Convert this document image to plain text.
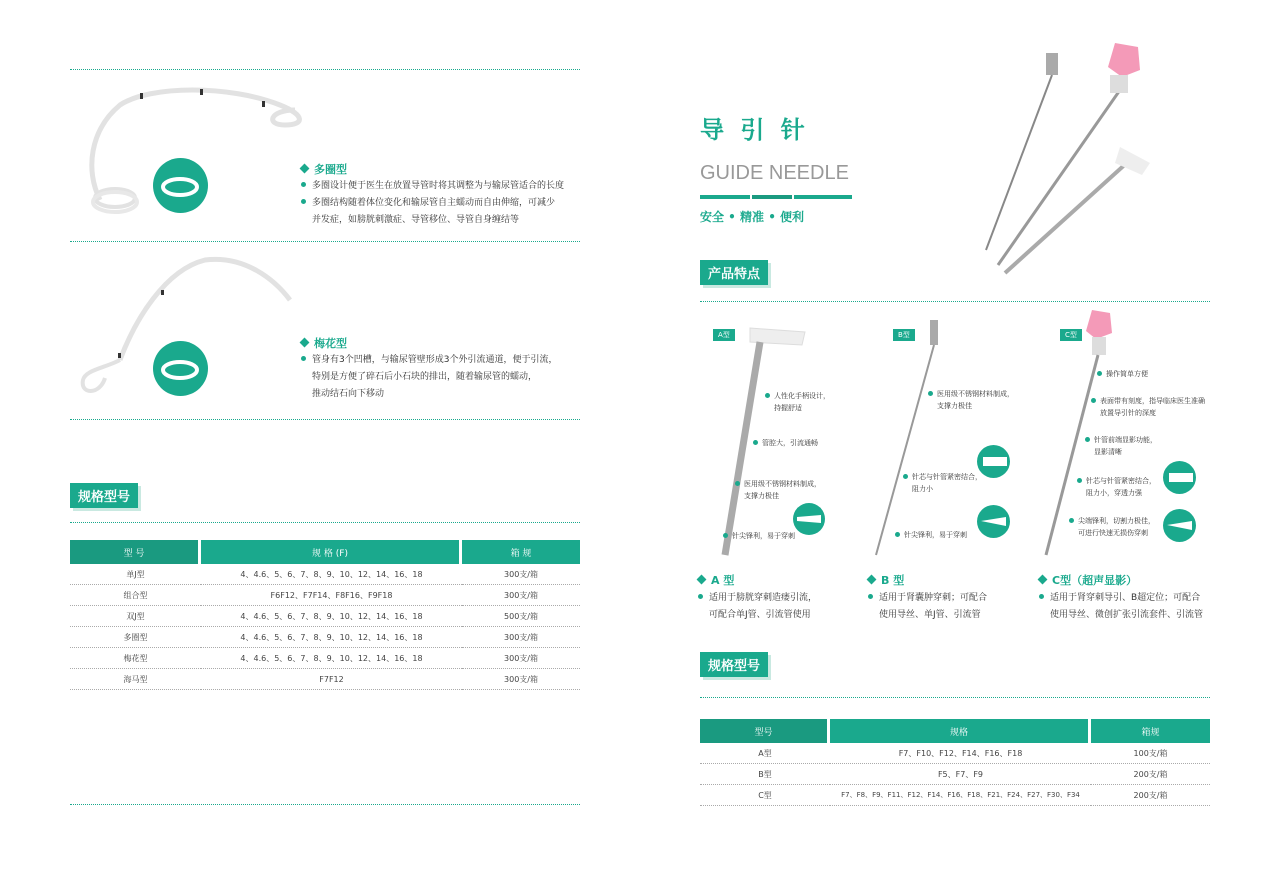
多圈型
多圈设计便于医生在放置导管时将其调整为与输尿管适合的长度
多圈结构随着体位变化和输尿管自主蠕动而自由伸缩，可减少
并发症，如膀胱刺激症、导管移位、导管自身缠结等
梅花型
管身有3个凹槽，与输尿管壁形成3个外引流通道，便于引流，
特别是方便了碎石后小石块的排出，随着输尿管的蠕动，
推动结石向下移动
规格型号
型 号	规 格 (F)	箱 规
单J型	4、4.6、5、6、7、8、9、10、12、14、16、18	300支/箱
组合型	F6F12、F7F14、F8F16、F9F18	300支/箱
双J型	4、4.6、5、6、7、8、9、10、12、14、16、18	500支/箱
多圈型	4、4.6、5、6、7、8、9、10、12、14、16、18	300支/箱
梅花型	4、4.6、5、6、7、8、9、10、12、14、16、18	300支/箱
海马型	F7F12	300支/箱
导 引 针
GUIDE NEEDLE
安全 • 精准 • 便利
产品特点
A型
人性化手柄设计，
持握舒适
管腔大，引流通畅
医用级不锈钢材料制成，
支撑力极佳
针尖锋利，易于穿刺
B型
医用级不锈钢材料制成，
支撑力极佳
针芯与针管紧密结合，
阻力小
针尖锋利，易于穿刺
C型
操作简单方便
表面带有刻度，指导临床医生准确
放置导引针的深度
针管前端显影功能，
显影清晰
针芯与针管紧密结合，
阻力小，穿透力强
尖端锋利，切割力极佳，
可进行快速无损伤穿刺
A 型
适用于膀胱穿刺造瘘引流，
可配合单J管、引流管使用
B 型
适用于肾囊肿穿刺；可配合
使用导丝、单J管、引流管
C型（超声显影）
适用于肾穿刺导引、B超定位；可配合
使用导丝、微创扩张引流套件、引流管
规格型号
型号	规格	箱规
A型	F7、F10、F12、F14、F16、F18	100支/箱
B型	F5、F7、F9	200支/箱
C型	F7、F8、F9、F11、F12、F14、F16、F18、F21、F24、F27、F30、F34	200支/箱
